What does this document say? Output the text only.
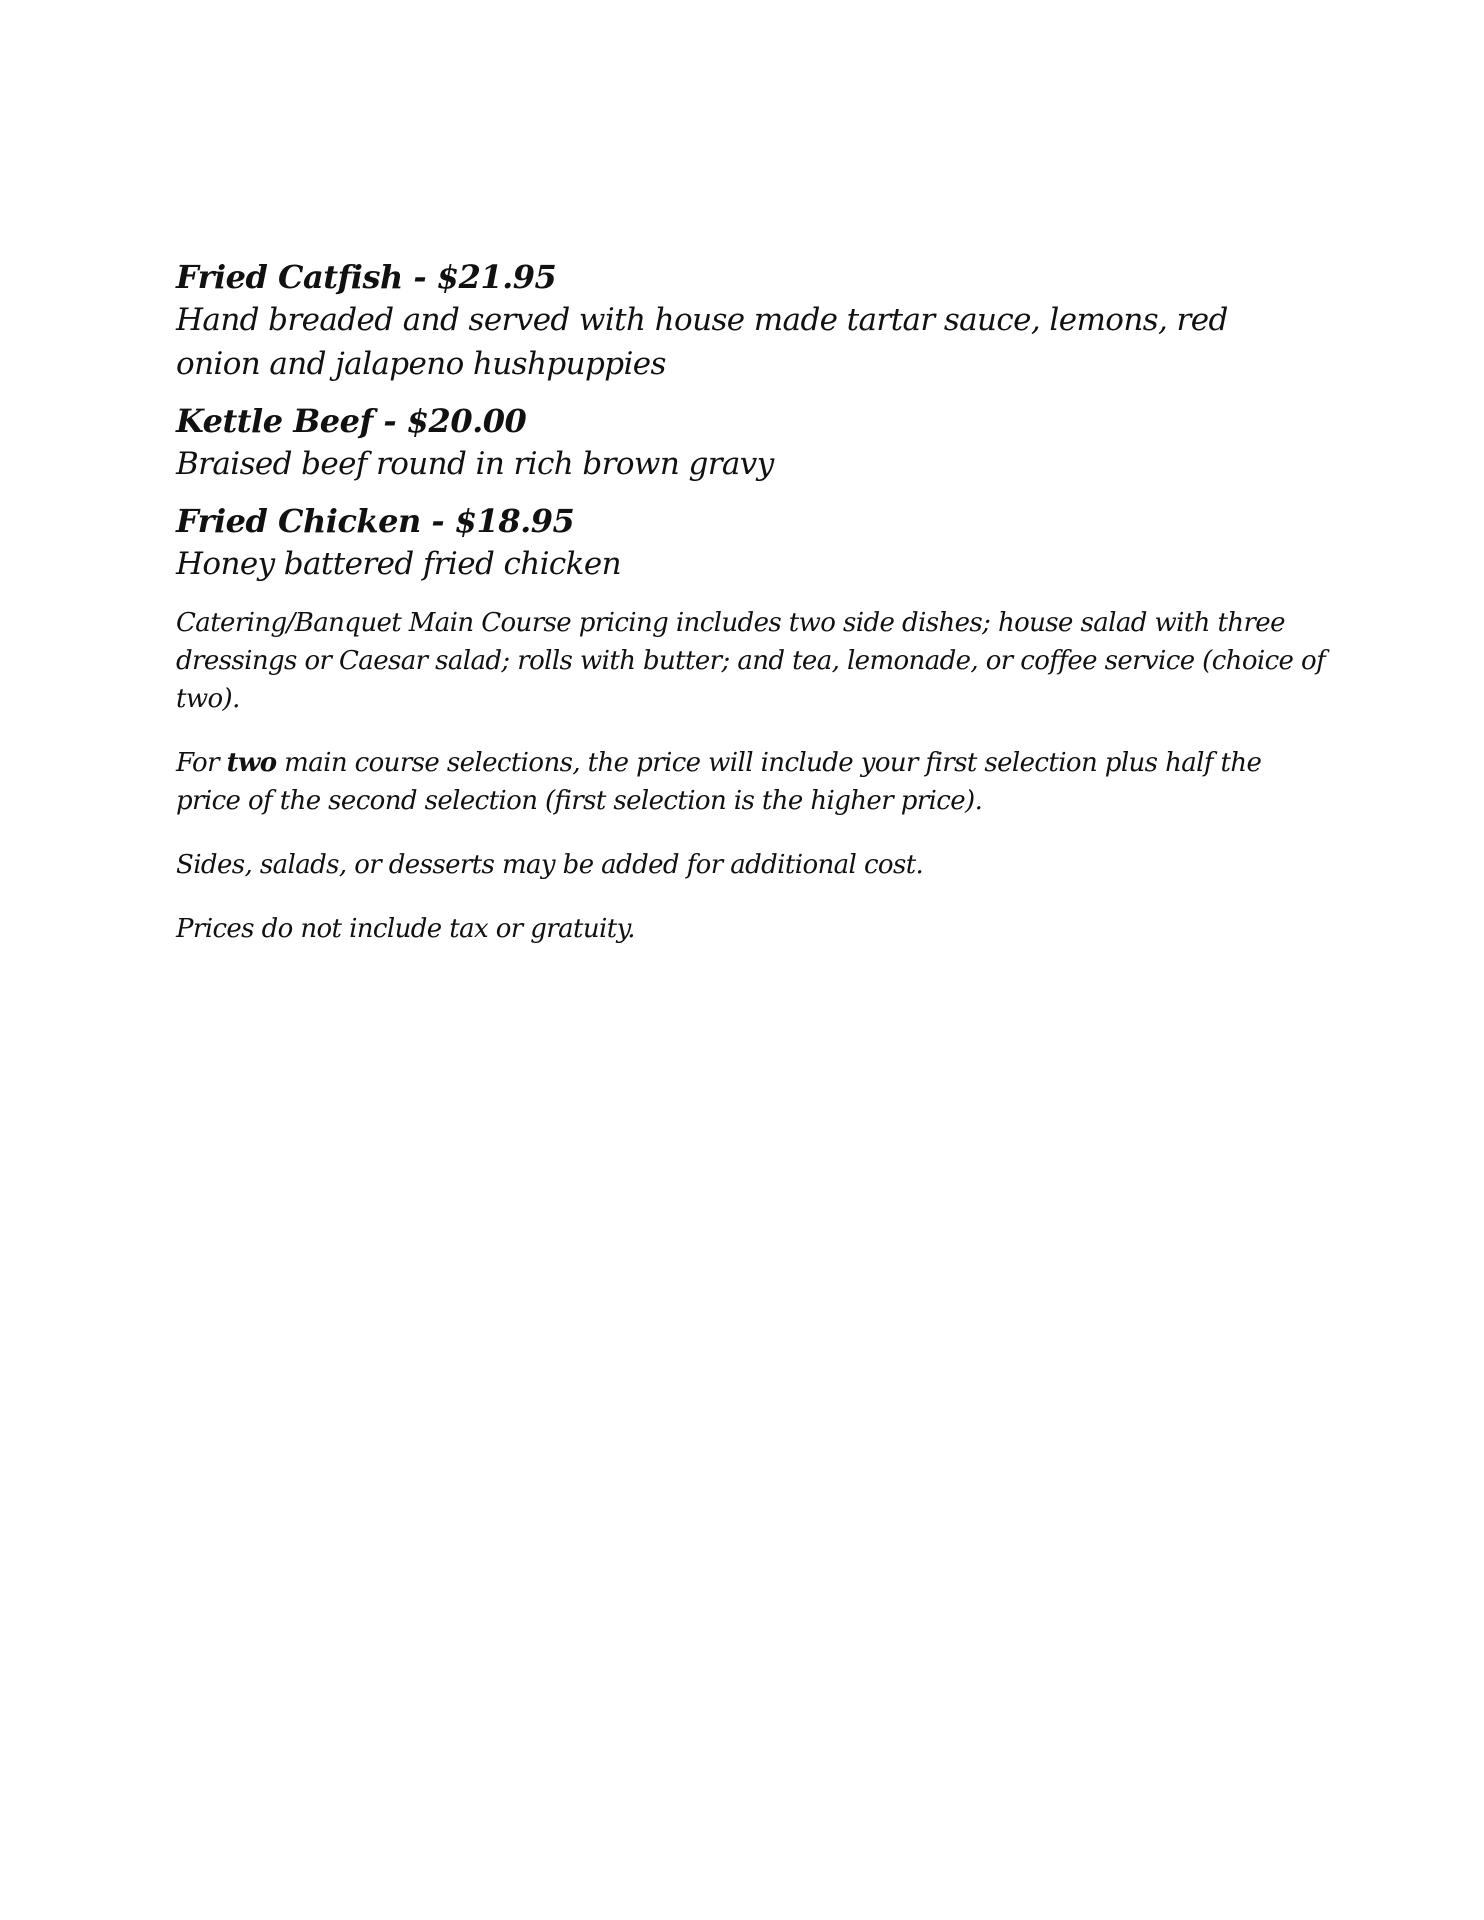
Fried Catfish - $21.95

Hand breaded and served with house made tartar sauce, lemons, red onion and jalapeno hushpuppies

Kettle Beef - $20.00

Braised beef round in rich brown gravy

Fried Chicken - $18.95

Honey battered fried chicken

Catering/Banquet Main Course pricing includes two side dishes; house salad with three dressings or Caesar salad; rolls with butter; and tea, lemonade, or coffee service (choice of two).

For two main course selections, the price will include your first selection plus half the price of the second selection (first selection is the higher price).

Sides, salads, or desserts may be added for additional cost.

Prices do not include tax or gratuity.
